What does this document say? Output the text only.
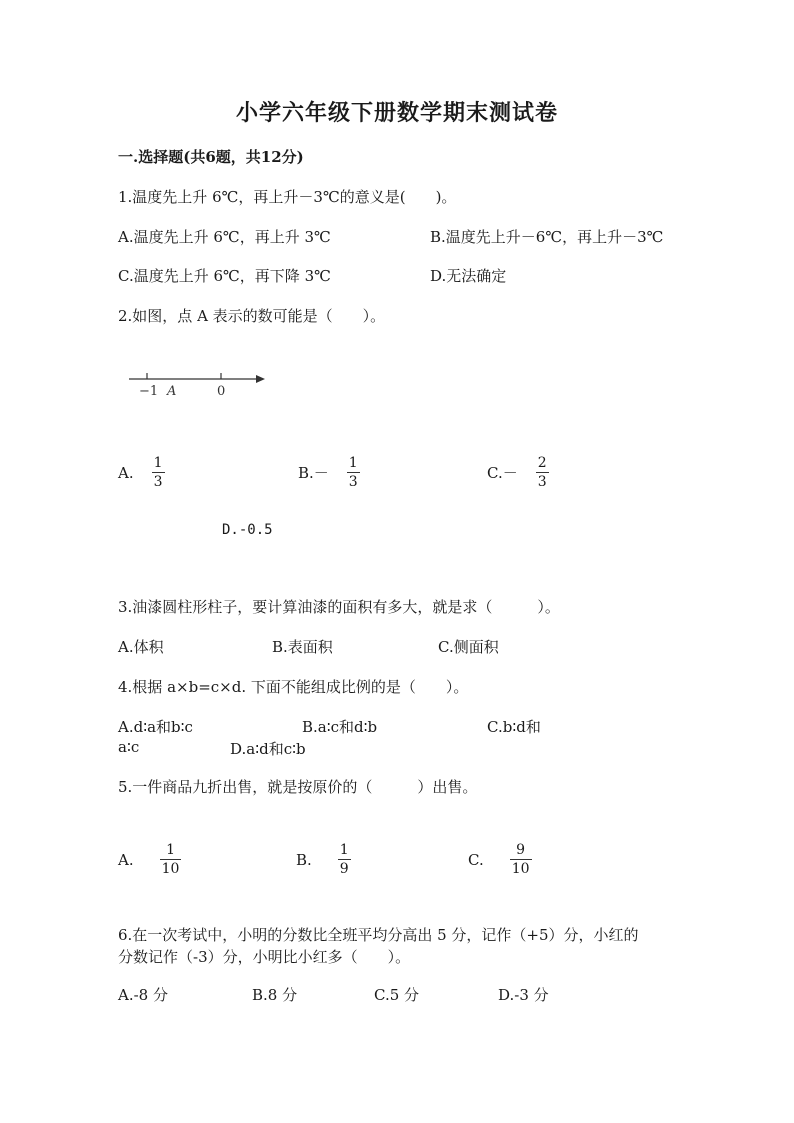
小学六年级下册数学期末测试卷
一.选择题(共6题，共12分)
1.温度先上升 6℃，再上升－3℃的意义是(　　)。
A.温度先上升 6℃，再上升 3℃	B.温度先上升－6℃，再上升－3℃
C.温度先上升 6℃，再下降 3℃	D.无法确定
2.如图，点 A 表示的数可能是（　　）。
−1 A	0
A. $\frac{1}{3}$	$B.- \frac{1}{3}$	$C.- \frac{2}{3}$
D.-0.5
3.油漆圆柱形柱子，要计算油漆的面积有多大，就是求（　　　）。
A.体积	B.表面积	C.侧面积
4.根据 a×b=c×d. 下面不能组成比例的是（　　）。
A.d∶a和b∶c	B.a∶c和d∶b	C.b∶d和
a∶c	D.a∶d和c∶b
5.一件商品九折出售，就是按原价的（　　　）出售。
A. $\frac{1}{10}$	B. $\frac{1}{9}$	C. $\frac{9}{10}$
6.在一次考试中，小明的分数比全班平均分高出 5 分，记作（+5）分，小红的
分数记作（-3）分，小明比小红多（　　）。
A.-8 分	B.8 分	C.5 分	D.-3 分
